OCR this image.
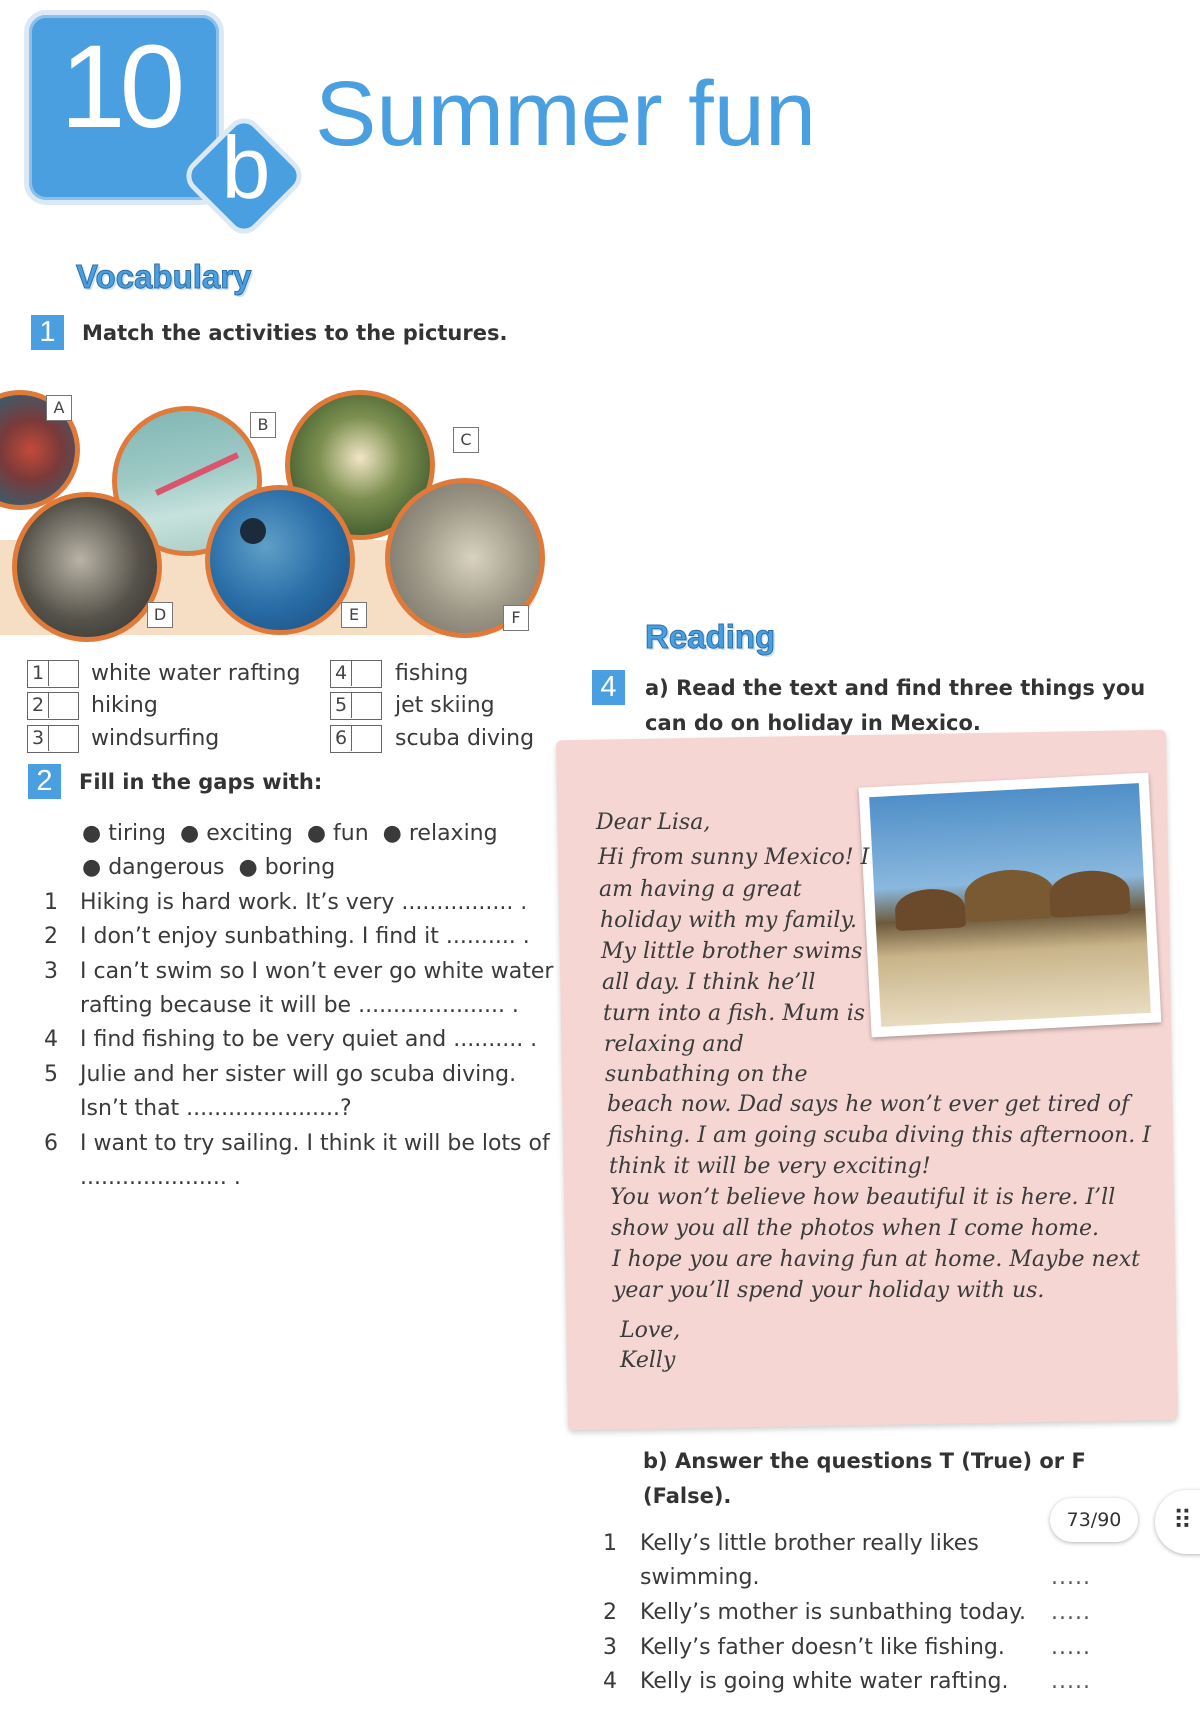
10
b
Summer fun
Vocabulary
1	Match the activities to the pictures.
A
B
C
D	E	F
1	white water rafting
2	hiking
3	windsurfing
4	fishing
5	jet skiing
6	scuba diving
2	Fill in the gaps with:
● tiring  ● exciting  ● fun  ● relaxing
● dangerous  ● boring
1 Hiking is hard work. It’s very ................ .
2 I don’t enjoy sunbathing. I find it .......... .
3 I can’t swim so I won’t ever go white water
rafting because it will be ..................... .
4 I find fishing to be very quiet and .......... .
5 Julie and her sister will go scuba diving.
Isn’t that ......................?
6 I want to try sailing. I think it will be lots of
..................... .
Reading
4	a) Read the text and find three things you
can do on holiday in Mexico.
Dear Lisa,
Hi from sunny Mexico! I
am having a great
holiday with my family.
My little brother swims
all day. I think he’ll
turn into a fish. Mum is
relaxing and
sunbathing on the
beach now. Dad says he won’t ever get tired of
fishing. I am going scuba diving this afternoon. I
think it will be very exciting!
You won’t believe how beautiful it is here. I’ll
show you all the photos when I come home.
I hope you are having fun at home. Maybe next
year you’ll spend your holiday with us.
Love,
Kelly
b) Answer the questions T (True) or F
(False).
1 Kelly’s little brother really likes
swimming.	.....
2 Kelly’s mother is sunbathing today. .....
3 Kelly’s father doesn’t like fishing. .....
4 Kelly is going white water rafting. .....
73/90	⠿
